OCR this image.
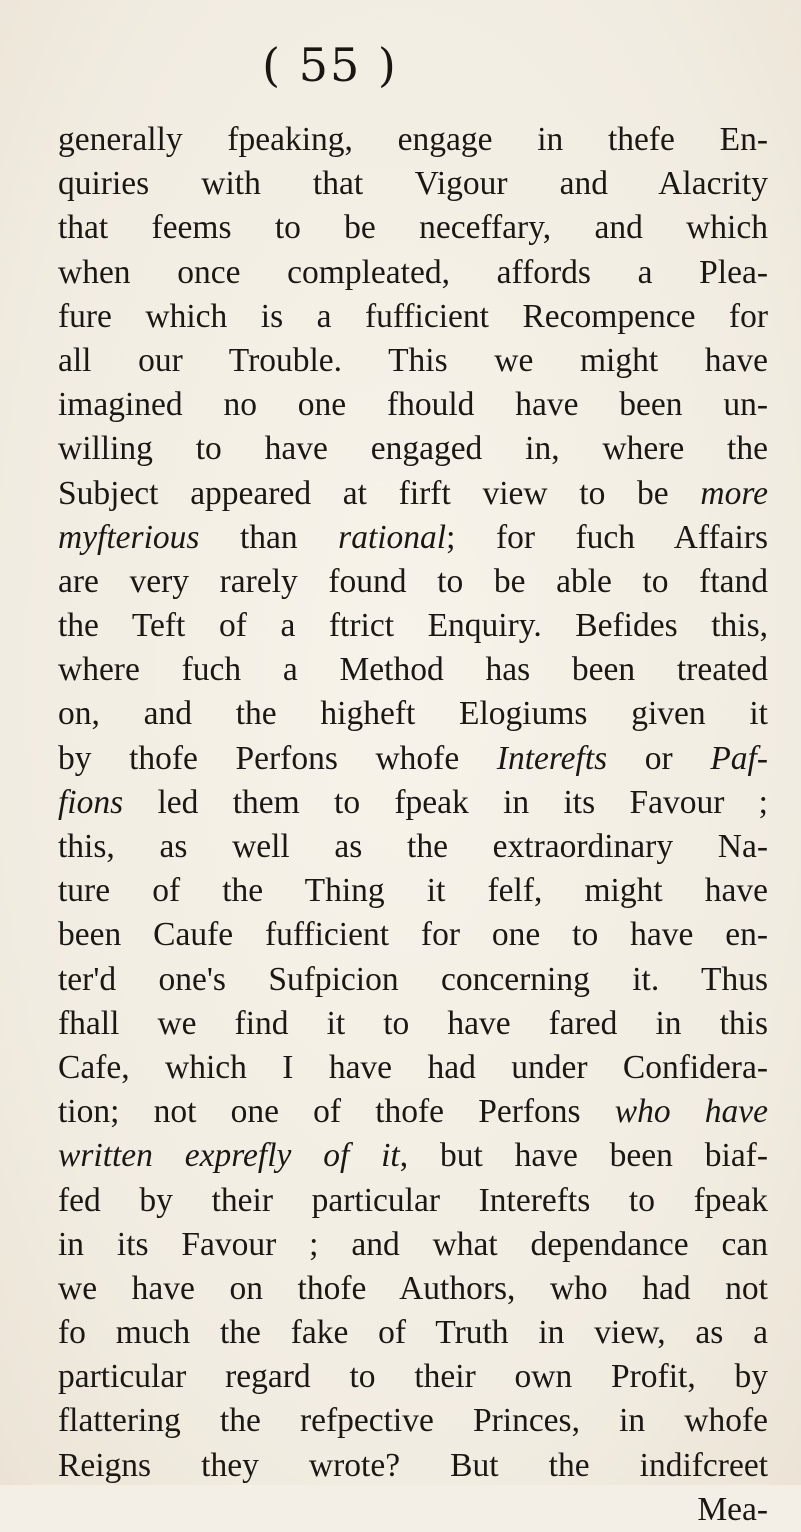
( 55 )
generally fpeaking, engage in thefe En-
quiries with that Vigour and Alacrity
that feems to be neceffary, and which
when once compleated, affords a Plea-
fure which is a fufficient Recompence for
all our Trouble. This we might have
imagined no one fhould have been un-
willing to have engaged in, where the
Subject appeared at firft view to be more
myfterious than rational; for fuch Affairs
are very rarely found to be able to ftand
the Teft of a ftrict Enquiry. Befides this,
where fuch a Method has been treated
on, and the higheft Elogiums given it
by thofe Perfons whofe Interefts or Paf-
fions led them to fpeak in its Favour ;
this, as well as the extraordinary Na-
ture of the Thing it felf, might have
been Caufe fufficient for one to have en-
ter'd one's Sufpicion concerning it. Thus
fhall we find it to have fared in this
Cafe, which I have had under Confidera-
tion; not one of thofe Perfons who have
written exprefly of it, but have been biaf-
fed by their particular Interefts to fpeak
in its Favour ; and what dependance can
we have on thofe Authors, who had not
fo much the fake of Truth in view, as a
particular regard to their own Profit, by
flattering the refpective Princes, in whofe
Reigns they wrote? But the indifcreet
Mea-
